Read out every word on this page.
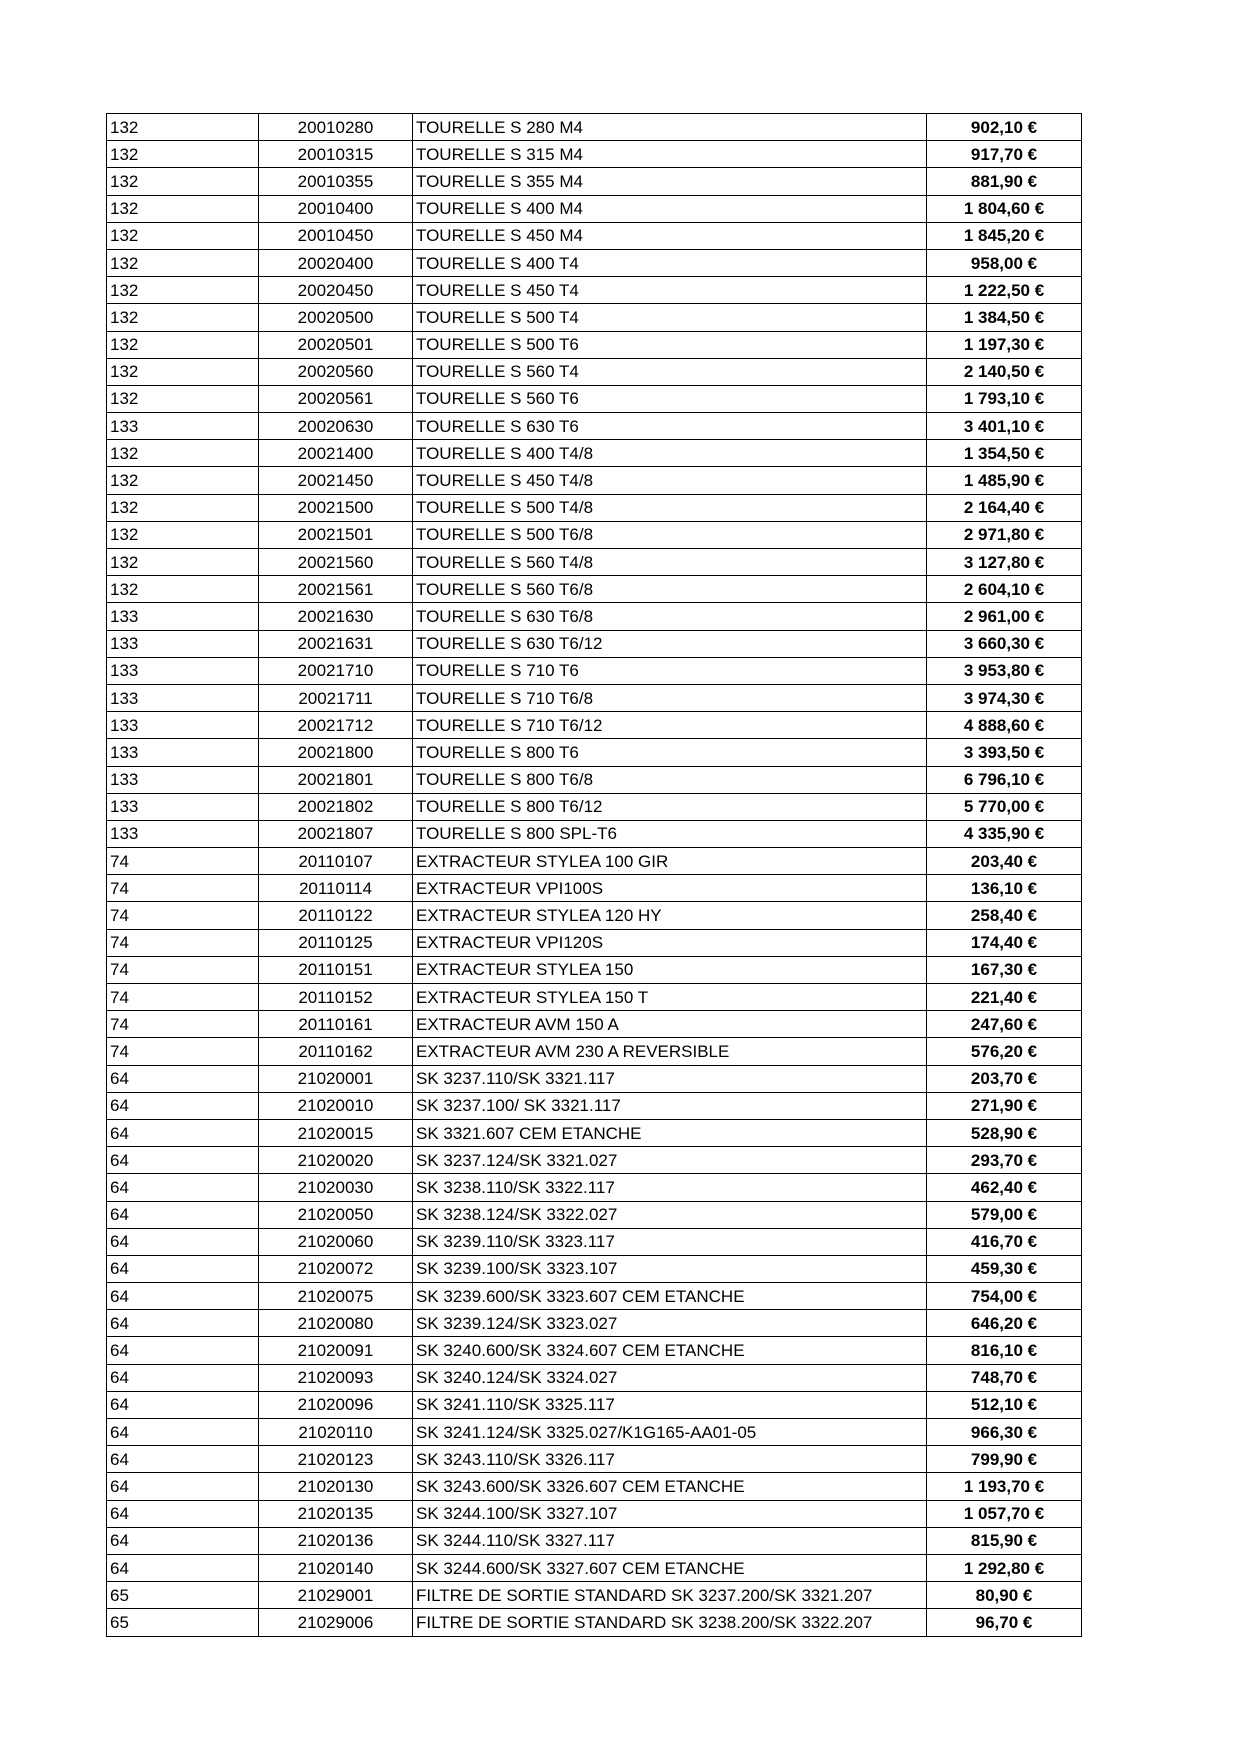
132	20010280	TOURELLE S 280 M4	902,10 €
132	20010315	TOURELLE S 315 M4	917,70 €
132	20010355	TOURELLE S 355 M4	881,90 €
132	20010400	TOURELLE S 400 M4	1 804,60 €
132	20010450	TOURELLE S 450 M4	1 845,20 €
132	20020400	TOURELLE S 400 T4	958,00 €
132	20020450	TOURELLE S 450 T4	1 222,50 €
132	20020500	TOURELLE S 500 T4	1 384,50 €
132	20020501	TOURELLE S 500 T6	1 197,30 €
132	20020560	TOURELLE S 560 T4	2 140,50 €
132	20020561	TOURELLE S 560 T6	1 793,10 €
133	20020630	TOURELLE S 630 T6	3 401,10 €
132	20021400	TOURELLE S 400 T4/8	1 354,50 €
132	20021450	TOURELLE S 450 T4/8	1 485,90 €
132	20021500	TOURELLE S 500 T4/8	2 164,40 €
132	20021501	TOURELLE S 500 T6/8	2 971,80 €
132	20021560	TOURELLE S 560 T4/8	3 127,80 €
132	20021561	TOURELLE S 560 T6/8	2 604,10 €
133	20021630	TOURELLE S 630 T6/8	2 961,00 €
133	20021631	TOURELLE S 630 T6/12	3 660,30 €
133	20021710	TOURELLE S 710 T6	3 953,80 €
133	20021711	TOURELLE S 710 T6/8	3 974,30 €
133	20021712	TOURELLE S 710 T6/12	4 888,60 €
133	20021800	TOURELLE S 800 T6	3 393,50 €
133	20021801	TOURELLE S 800 T6/8	6 796,10 €
133	20021802	TOURELLE S 800 T6/12	5 770,00 €
133	20021807	TOURELLE S 800 SPL-T6	4 335,90 €
74	20110107	EXTRACTEUR STYLEA 100 GIR	203,40 €
74	20110114	EXTRACTEUR VPI100S	136,10 €
74	20110122	EXTRACTEUR STYLEA 120 HY	258,40 €
74	20110125	EXTRACTEUR VPI120S	174,40 €
74	20110151	EXTRACTEUR STYLEA 150	167,30 €
74	20110152	EXTRACTEUR STYLEA 150 T	221,40 €
74	20110161	EXTRACTEUR AVM 150 A	247,60 €
74	20110162	EXTRACTEUR AVM 230 A REVERSIBLE	576,20 €
64	21020001	SK 3237.110/SK 3321.117	203,70 €
64	21020010	SK 3237.100/ SK 3321.117	271,90 €
64	21020015	SK 3321.607 CEM ETANCHE	528,90 €
64	21020020	SK 3237.124/SK 3321.027	293,70 €
64	21020030	SK 3238.110/SK 3322.117	462,40 €
64	21020050	SK 3238.124/SK 3322.027	579,00 €
64	21020060	SK 3239.110/SK 3323.117	416,70 €
64	21020072	SK 3239.100/SK 3323.107	459,30 €
64	21020075	SK 3239.600/SK 3323.607 CEM ETANCHE	754,00 €
64	21020080	SK 3239.124/SK 3323.027	646,20 €
64	21020091	SK 3240.600/SK 3324.607 CEM ETANCHE	816,10 €
64	21020093	SK 3240.124/SK 3324.027	748,70 €
64	21020096	SK 3241.110/SK 3325.117	512,10 €
64	21020110	SK 3241.124/SK 3325.027/K1G165-AA01-05	966,30 €
64	21020123	SK 3243.110/SK 3326.117	799,90 €
64	21020130	SK 3243.600/SK 3326.607 CEM ETANCHE	1 193,70 €
64	21020135	SK 3244.100/SK 3327.107	1 057,70 €
64	21020136	SK 3244.110/SK 3327.117	815,90 €
64	21020140	SK 3244.600/SK 3327.607 CEM ETANCHE	1 292,80 €
65	21029001	FILTRE DE SORTIE STANDARD SK 3237.200/SK 3321.207	80,90 €
65	21029006	FILTRE DE SORTIE STANDARD SK 3238.200/SK 3322.207	96,70 €
